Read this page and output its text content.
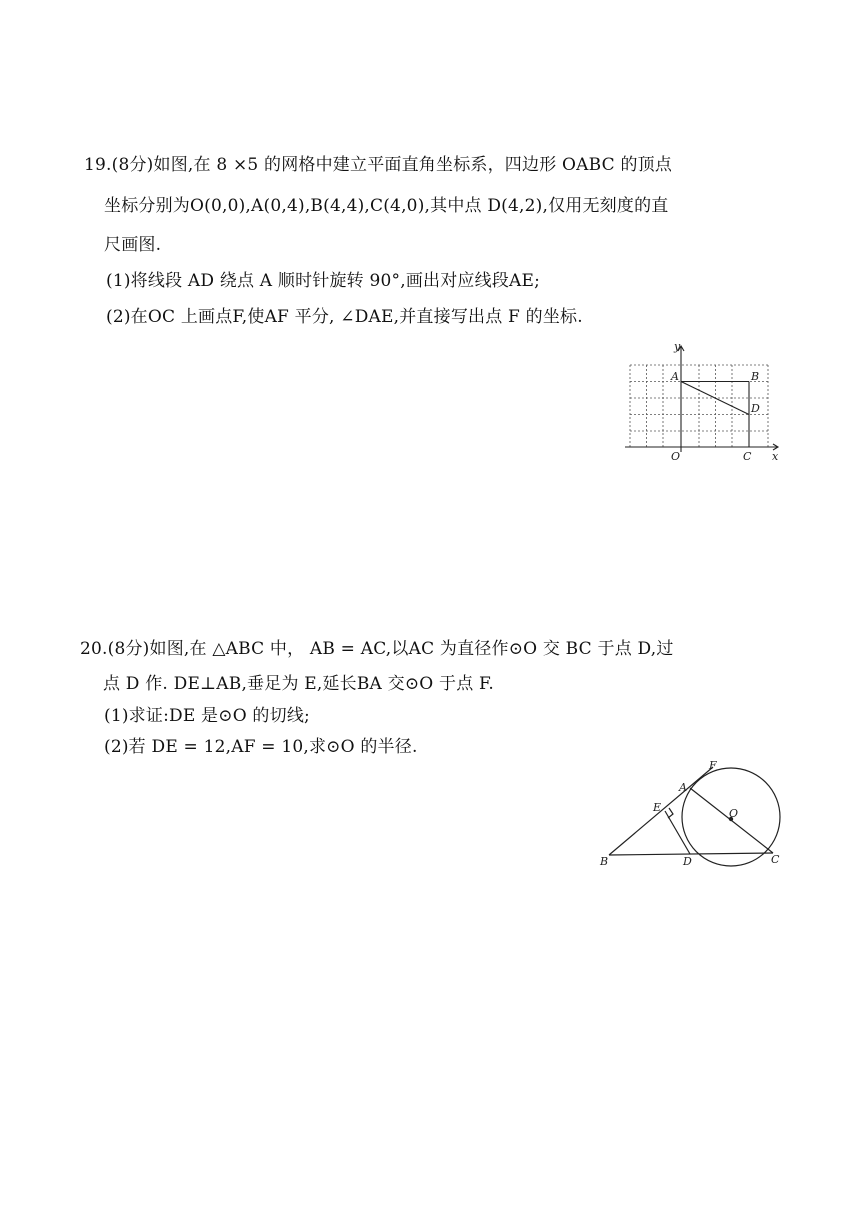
19.(8分)如图,在 8 ×5 的网格中建立平面直角坐标系，四边形 OABC 的顶点
坐标分别为O(0,0),A(0,4),B(4,4),C(4,0),其中点 D(4,2),仅用无刻度的直
尺画图.
(1)将线段 AD 绕点 A 顺时针旋转 90°,画出对应线段AE;
(2)在OC 上画点F,使AF 平分, ∠DAE,并直接写出点 F 的坐标.
y
x
A	B
D
O	C
20.(8分)如图,在 △ABC 中， AB = AC,以AC 为直径作⊙O 交 BC 于点 D,过
点 D 作. DE⊥AB,垂足为 E,延长BA 交⊙O 于点 F.
(1)求证:DE 是⊙O 的切线;
(2)若 DE = 12,AF = 10,求⊙O 的半径.
F
A
E	O
B	D	C
